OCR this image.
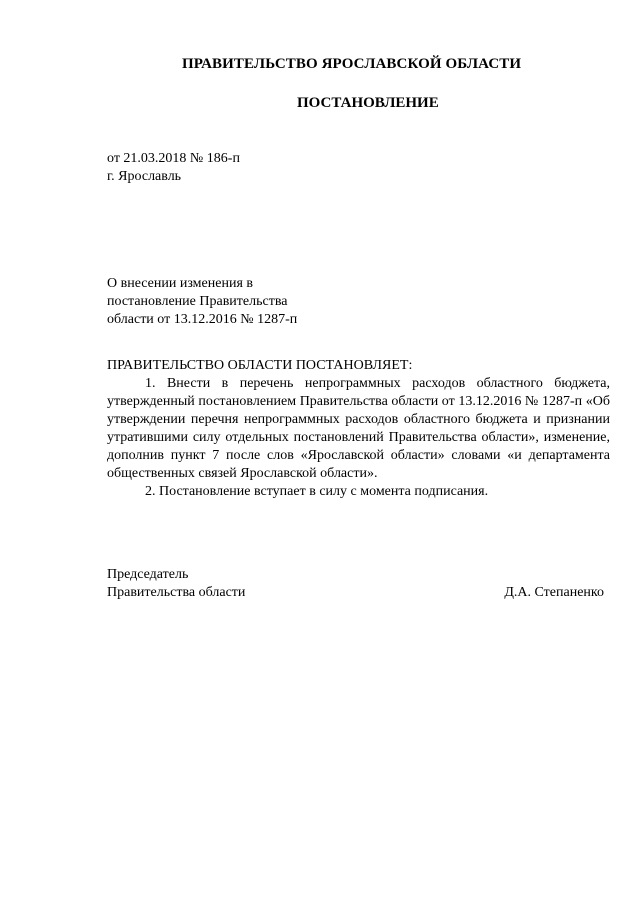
ПРАВИТЕЛЬСТВО ЯРОСЛАВСКОЙ ОБЛАСТИ
ПОСТАНОВЛЕНИЕ
от 21.03.2018 № 186-п
г. Ярославль
О внесении изменения в
постановление Правительства
области от 13.12.2016 № 1287-п
ПРАВИТЕЛЬСТВО ОБЛАСТИ ПОСТАНОВЛЯЕТ:

1. Внести в перечень непрограммных расходов областного бюджета, утвержденный постановлением Правительства области от 13.12.2016 № 1287-п «Об утверждении перечня непрограммных расходов областного бюджета и признании утратившими силу отдельных постановлений Правительства области», изменение, дополнив пункт 7 после слов «Ярославской области» словами «и департамента общественных связей Ярославской области».

2. Постановление вступает в силу с момента подписания.

Председатель
Правительства области	Д.А. Степаненко
